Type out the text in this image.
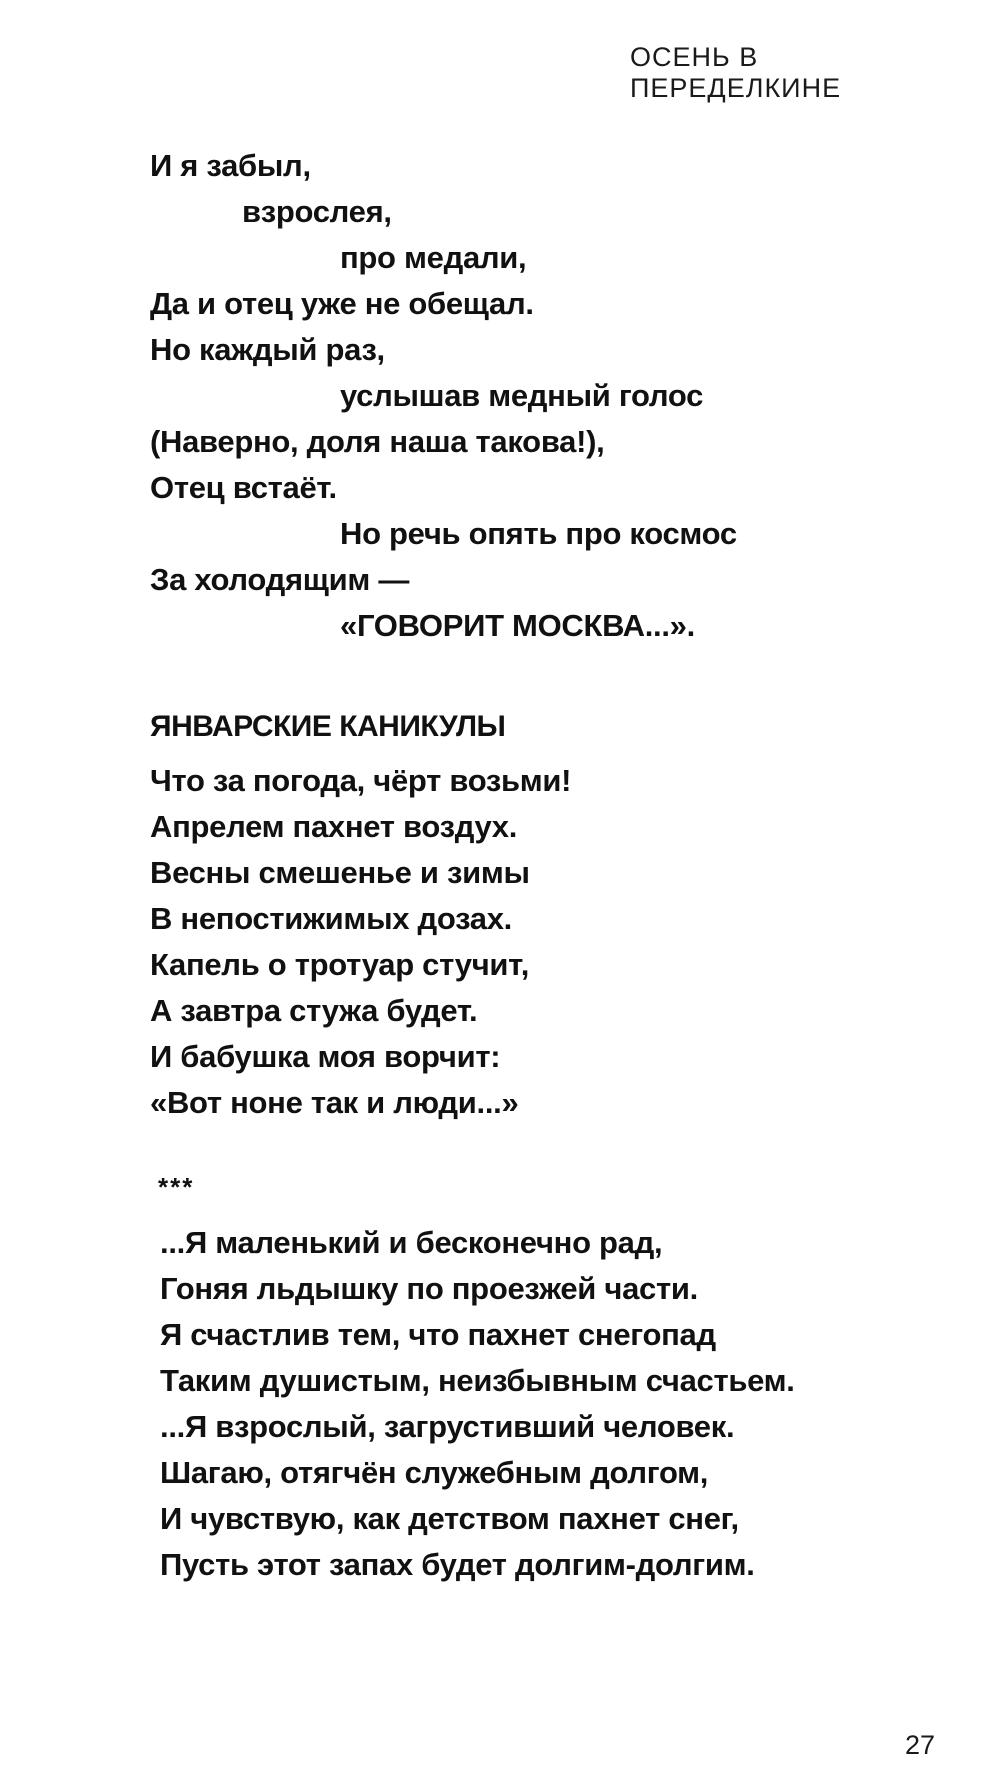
ОСЕНЬ В ПЕРЕДЕЛКИНЕ
И я забыл,
взрослея,
про медали,
Да и отец уже не обещал.
Но каждый раз,
услышав медный голос
(Наверно, доля наша такова!),
Отец встаёт.
Но речь опять про космос
За холодящим —
«ГОВОРИТ МОСКВА...».
ЯНВАРСКИЕ КАНИКУЛЫ
Что за погода, чёрт возьми!
Апрелем пахнет воздух.
Весны смешенье и зимы
В непостижимых дозах.
Капель о тротуар стучит,
А завтра стужа будет.
И бабушка моя ворчит:
«Вот ноне так и люди...»
***
...Я маленький и бесконечно рад,
Гоняя льдышку по проезжей части.
Я счастлив тем, что пахнет снегопад
Таким душистым, неизбывным счастьем.
...Я взрослый, загрустивший человек.
Шагаю, отягчён служебным долгом,
И чувствую, как детством пахнет снег,
Пусть этот запах будет долгим-долгим.
27
